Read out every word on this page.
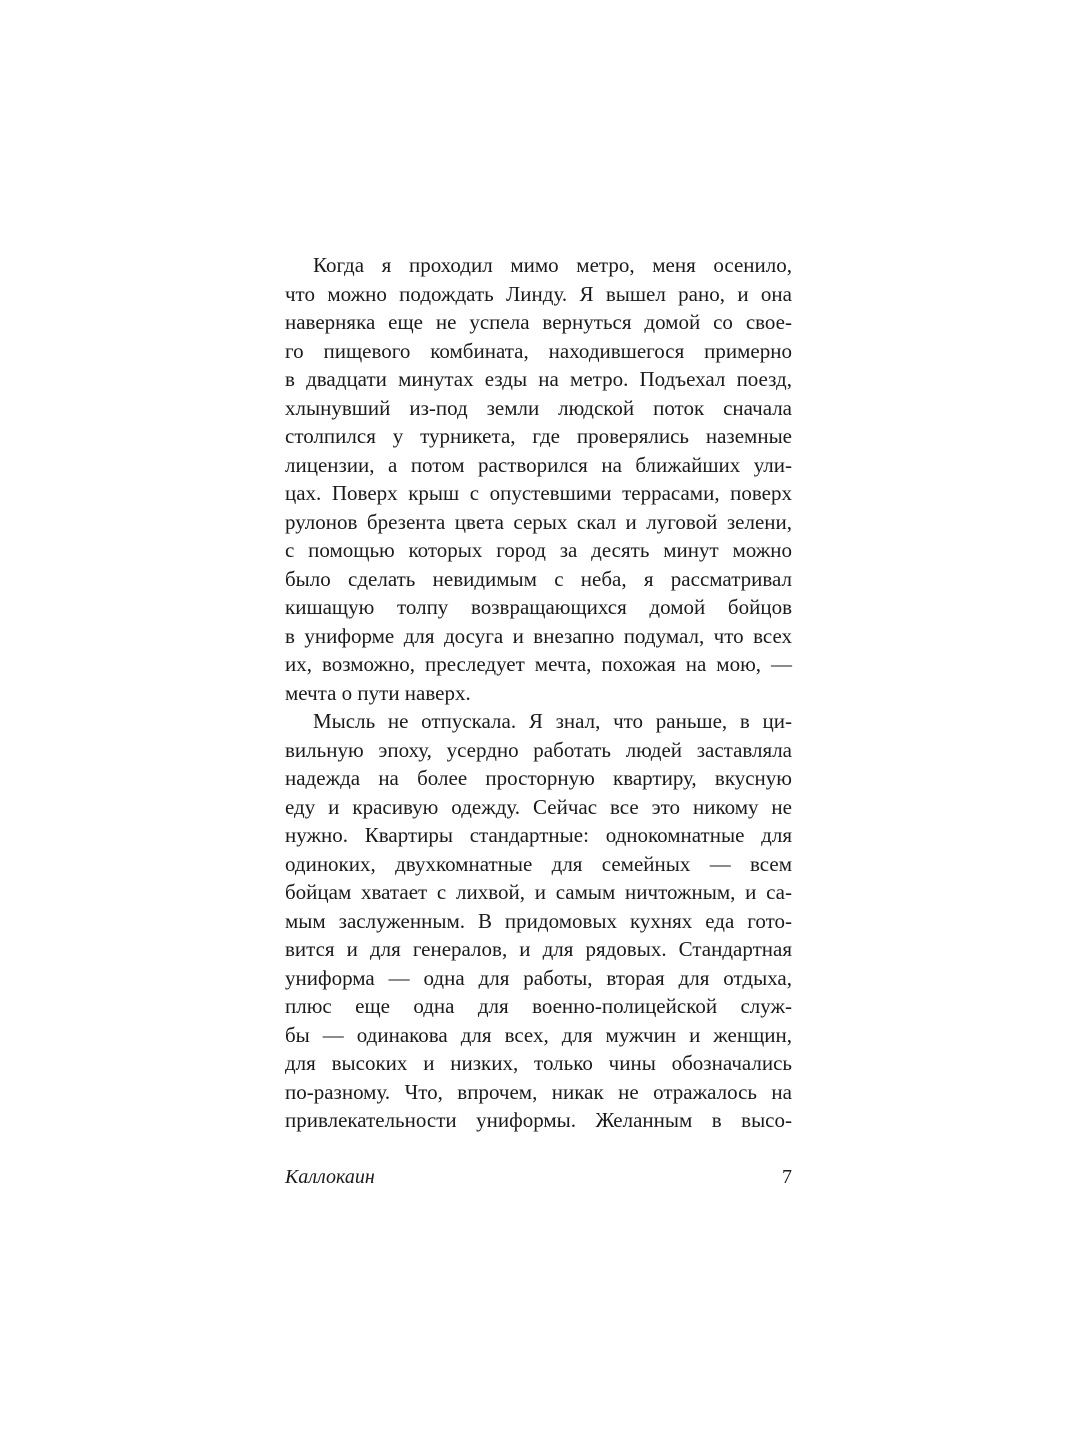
Когда я проходил мимо метро, меня осенило,
что можно подождать Линду. Я вышел рано, и она
наверняка еще не успела вернуться домой со свое-
го пищевого комбината, находившегося примерно
в двадцати минутах езды на метро. Подъехал поезд,
хлынувший из-под земли людской поток сначала
столпился у турникета, где проверялись наземные
лицензии, а потом растворился на ближайших ули-
цах. Поверх крыш с опустевшими террасами, поверх
рулонов брезента цвета серых скал и луговой зелени,
с помощью которых город за десять минут можно
было сделать невидимым с неба, я рассматривал
кишащую толпу возвращающихся домой бойцов
в униформе для досуга и внезапно подумал, что всех
их, возможно, преследует мечта, похожая на мою, —
мечта о пути наверх.
Мысль не отпускала. Я знал, что раньше, в ци-
вильную эпоху, усердно работать людей заставляла
надежда на более просторную квартиру, вкусную
еду и красивую одежду. Сейчас все это никому не
нужно. Квартиры стандартные: однокомнатные для
одиноких, двухкомнатные для семейных — всем
бойцам хватает с лихвой, и самым ничтожным, и са-
мым заслуженным. В придомовых кухнях еда гото-
вится и для генералов, и для рядовых. Стандартная
униформа — одна для работы, вторая для отдыха,
плюс еще одна для военно-полицейской служ-
бы — одинакова для всех, для мужчин и женщин,
для высоких и низких, только чины обозначались
по-разному. Что, впрочем, никак не отражалось на
привлекательности униформы. Желанным в высо-
Каллокаин	7
